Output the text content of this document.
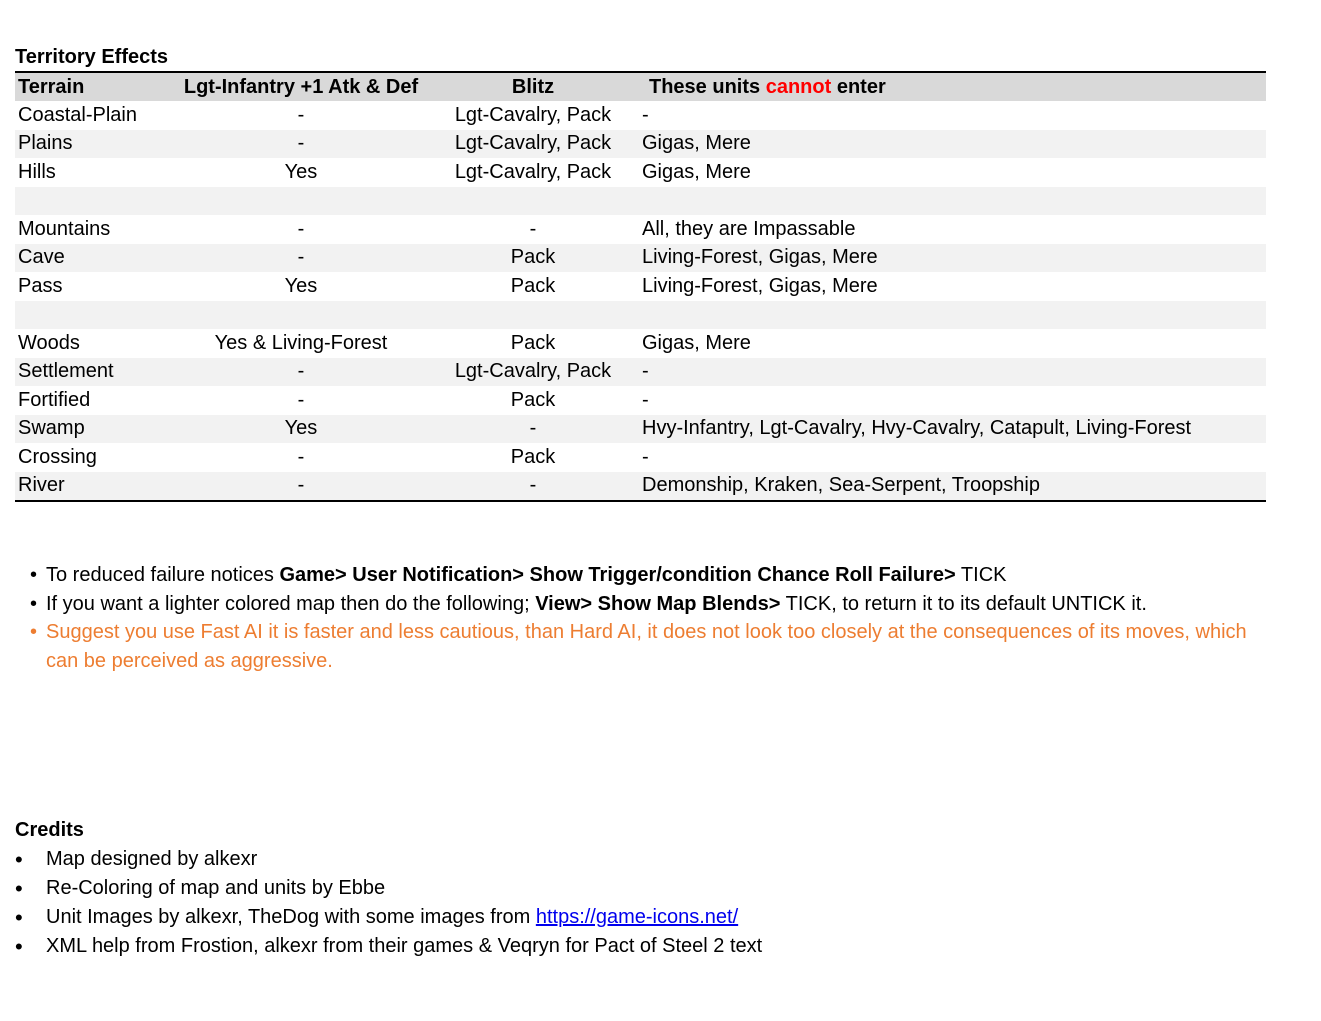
Territory Effects
Terrain	Lgt-Infantry +1 Atk & Def	Blitz	These units cannot enter
Coastal-Plain	-	Lgt-Cavalry, Pack	-
Plains	-	Lgt-Cavalry, Pack	Gigas, Mere
Hills	Yes	Lgt-Cavalry, Pack	Gigas, Mere

Mountains	-	-	All, they are Impassable
Cave	-	Pack	Living-Forest, Gigas, Mere
Pass	Yes	Pack	Living-Forest, Gigas, Mere

Woods	Yes & Living-Forest	Pack	Gigas, Mere
Settlement	-	Lgt-Cavalry, Pack	-
Fortified	-	Pack	-
Swamp	Yes	-	Hvy-Infantry, Lgt-Cavalry, Hvy-Cavalry, Catapult, Living-Forest
Crossing	-	Pack	-
River	-	-	Demonship, Kraken, Sea-Serpent, Troopship
• To reduced failure notices Game> User Notification> Show Trigger/condition Chance Roll Failure> TICK
• If you want a lighter colored map then do the following; View> Show Map Blends> TICK, to return it to its default UNTICK it.
• Suggest you use Fast AI it is faster and less cautious, than Hard AI, it does not look too closely at the consequences of its moves, which can be perceived as aggressive.
Credits
•	Map designed by alkexr
•	Re-Coloring of map and units by Ebbe
•	Unit Images by alkexr, TheDog with some images from https://game-icons.net/
•	XML help from Frostion, alkexr from their games & Veqryn for Pact of Steel 2 text
